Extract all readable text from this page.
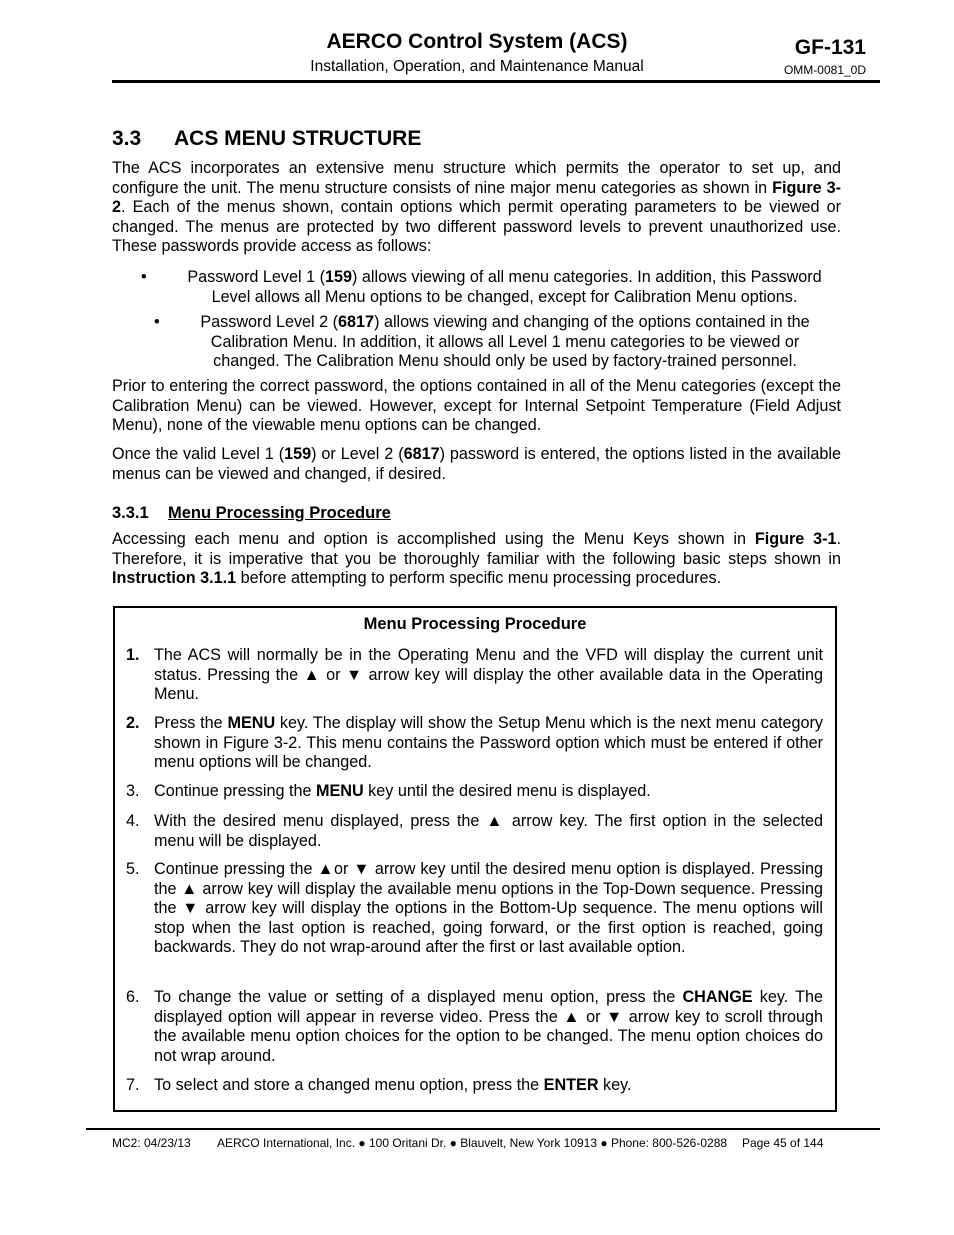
AERCO Control System (ACS)
Installation, Operation, and Maintenance Manual
GF-131
OMM-0081_0D
3.3 ACS MENU STRUCTURE
The ACS incorporates an extensive menu structure which permits the operator to set up, and configure the unit. The menu structure consists of nine major menu categories as shown in Figure 3-2. Each of the menus shown, contain options which permit operating parameters to be viewed or changed. The menus are protected by two different password levels to prevent unauthorized use. These passwords provide access as follows:
•	Password Level 1 (159) allows viewing of all menu categories. In addition, this Password Level allows all Menu options to be changed, except for Calibration Menu options.
•	Password Level 2 (6817) allows viewing and changing of the options contained in the Calibration Menu. In addition, it allows all Level 1 menu categories to be viewed or changed. The Calibration Menu should only be used by factory-trained personnel.
Prior to entering the correct password, the options contained in all of the Menu categories (except the Calibration Menu) can be viewed. However, except for Internal Setpoint Temperature (Field Adjust Menu), none of the viewable menu options can be changed.
Once the valid Level 1 (159) or Level 2 (6817) password is entered, the options listed in the available menus can be viewed and changed, if desired.
3.3.1 Menu Processing Procedure
Accessing each menu and option is accomplished using the Menu Keys shown in Figure 3-1. Therefore, it is imperative that you be thoroughly familiar with the following basic steps shown in Instruction 3.1.1 before attempting to perform specific menu processing procedures.
Menu Processing Procedure
1. The ACS will normally be in the Operating Menu and the VFD will display the current unit status. Pressing the ▲ or ▼ arrow key will display the other available data in the Operating Menu.
2. Press the MENU key. The display will show the Setup Menu which is the next menu category shown in Figure 3-2. This menu contains the Password option which must be entered if other menu options will be changed.
3. Continue pressing the MENU key until the desired menu is displayed.
4. With the desired menu displayed, press the ▲ arrow key. The first option in the selected menu will be displayed.
5. Continue pressing the ▲or ▼ arrow key until the desired menu option is displayed. Pressing the ▲ arrow key will display the available menu options in the Top-Down sequence. Pressing the ▼ arrow key will display the options in the Bottom-Up sequence. The menu options will stop when the last option is reached, going forward, or the first option is reached, going backwards. They do not wrap-around after the first or last available option.
6. To change the value or setting of a displayed menu option, press the CHANGE key. The displayed option will appear in reverse video. Press the ▲ or ▼ arrow key to scroll through the available menu option choices for the option to be changed. The menu option choices do not wrap around.
7. To select and store a changed menu option, press the ENTER key.
MC2: 04/23/13 AERCO International, Inc. ● 100 Oritani Dr. ● Blauvelt, New York 10913 ● Phone: 800-526-0288 Page 45 of 144
